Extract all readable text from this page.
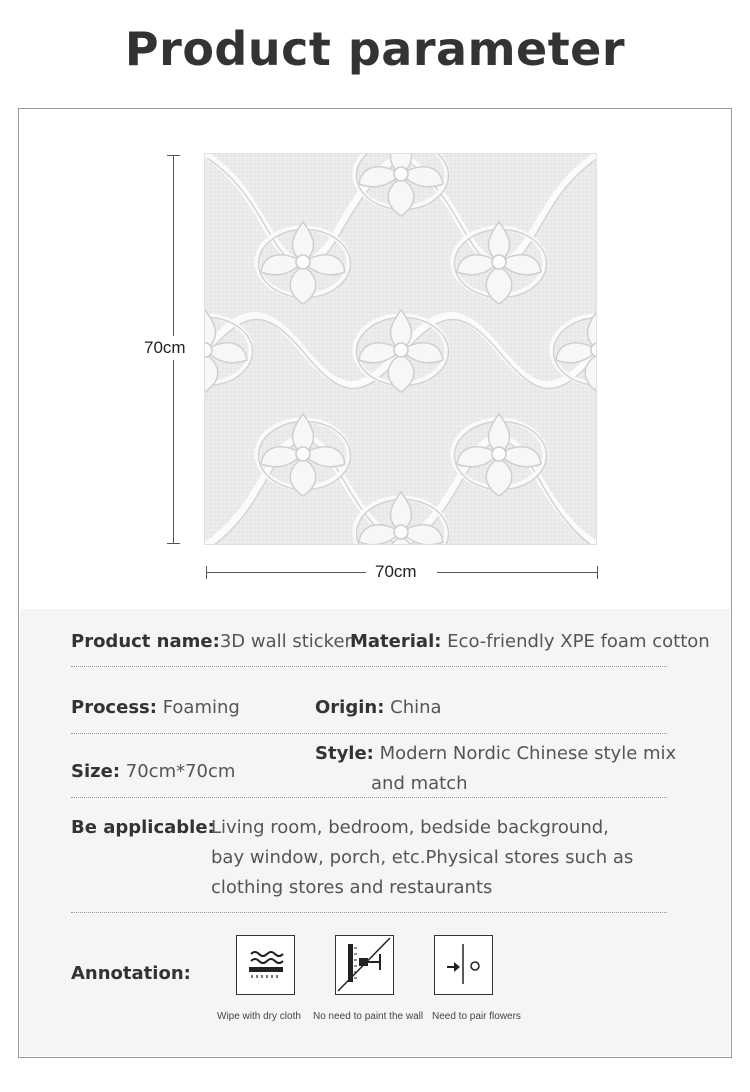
Product parameter
70cm
70cm
Product name:3D wall sticker
Material: Eco-friendly XPE foam cotton
Process: Foaming	Origin: China
Style: Modern Nordic Chinese style mix
and match
Size: 70cm*70cm
Be applicable:
Living room, bedroom, bedside background,
bay window, porch, etc.Physical stores such as
clothing stores and restaurants
Annotation:
Wipe with dry cloth No need to paint the wall Need to pair flowers
